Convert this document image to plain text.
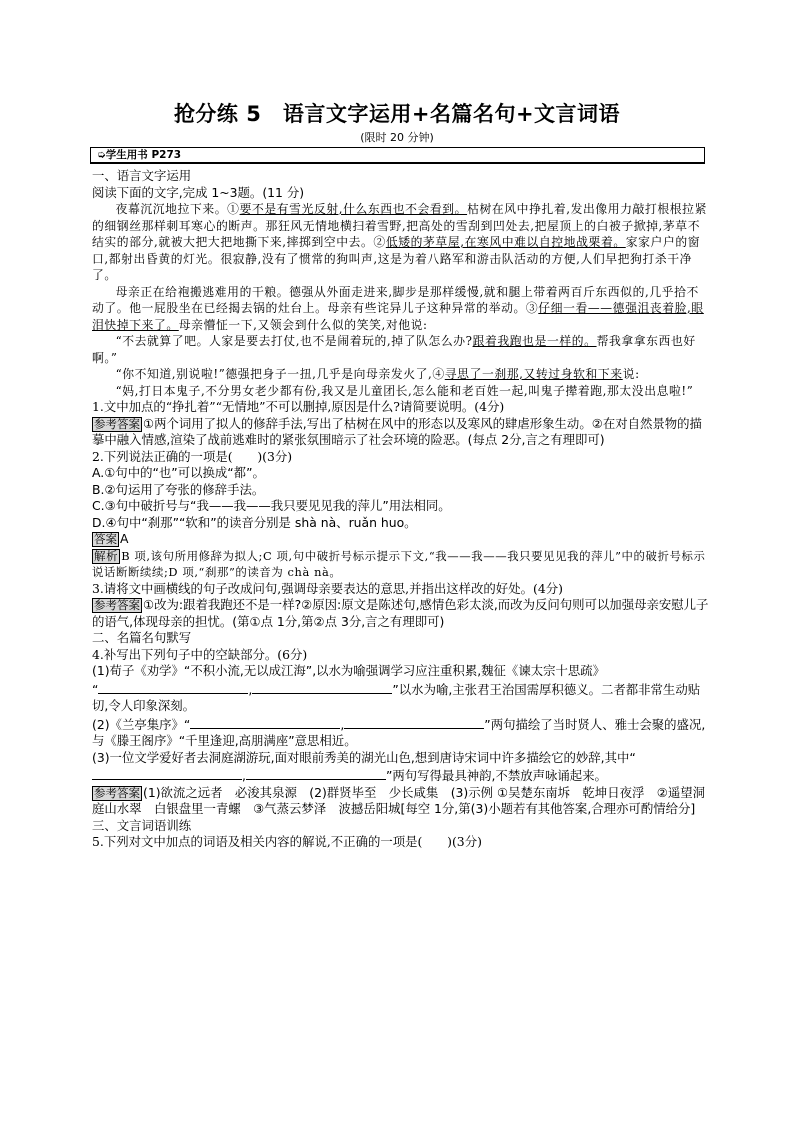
抢分练 5　语言文字运用+名篇名句+文言词语
(限时 20 分钟)
➭学生用书 P273

一、语言文字运用

阅读下面的文字,完成 1~3题。(11 分)

夜幕沉沉地拉下来。①要不是有雪光反射,什么东西也不会看到。枯树在风中挣扎着,发出像用力敲打根根拉紧的细钢丝那样刺耳寒心的断声。那狂风无情地横扫着雪野,把高处的雪刮到凹处去,把屋顶上的白被子掀掉,茅草不结实的部分,就被大把大把地撕下来,摔掷到空中去。②低矮的茅草屋,在寒风中难以自控地战栗着。家家户户的窗口,都射出昏黄的灯光。很寂静,没有了惯常的狗叫声,这是为着八路军和游击队活动的方便,人们早把狗打杀干净了。

母亲正在给袍搬逃难用的干粮。德强从外面走进来,脚步是那样缓慢,就和腿上带着两百斤东西似的,几乎拾不动了。他一屁股坐在已经揭去锅的灶台上。母亲有些诧异儿子这种异常的举动。③仔细一看——德强沮丧着脸,眼泪快掉下来了。母亲懵怔一下,又领会到什么似的笑笑,对他说:

“不去就算了吧。人家是要去打仗,也不是闹着玩的,掉了队怎么办?跟着我跑也是一样的。帮我拿拿东西也好啊。”

“你不知道,别说啦!”德强把身子一扭,几乎是向母亲发火了,④寻思了一刹那,又转过身软和下来说:

“妈,打日本鬼子,不分男女老少都有份,我又是儿童团长,怎么能和老百姓一起,叫鬼子撵着跑,那太没出息啦!”

1.文中加点的“挣扎着”“无情地”不可以删掉,原因是什么?请简要说明。(4分)

参考答案 ①两个词用了拟人的修辞手法,写出了枯树在风中的形态以及寒风的肆虐形象生动。②在对自然景物的描摹中融入情感,渲染了战前逃难时的紧张氛围暗示了社会环境的险恶。(每点 2分,言之有理即可)

2.下列说法正确的一项是(　　)(3分)

A.①句中的“也”可以换成“都”。

B.②句运用了夸张的修辞手法。

C.③句中破折号与“我——我——我只要见见我的萍儿”用法相同。

D.④句中“刹那”“软和”的读音分别是 shà nà、ruǎn huo。

答案 A

解析 B 项,该句所用修辞为拟人;C 项,句中破折号标示提示下文,“我——我——我只要见见我的萍儿”中的破折号标示说话断断续续;D 项,“刹那”的读音为 chà nà。

3.请将文中画横线的句子改成问句,强调母亲要表达的意思,并指出这样改的好处。(4分)

参考答案 ①改为:跟着我跑还不是一样?②原因:原文是陈述句,感情色彩太淡,而改为反问句则可以加强母亲安慰儿子的语气,体现母亲的担忧。(第①点 1分,第②点 3分,言之有理即可)

二、名篇名句默写

4.补写出下列句子中的空缺部分。(6分)

(1)荀子《劝学》“不积小流,无以成江海”,以水为喻强调学习应注重积累,魏征《谏太宗十思疏》
“	,	”以水为喻,主张君王治国需厚积德义。二者都非常生动贴切,令人印象深刻。

(2)《兰亭集序》“	,	”两句描绘了当时贤人、雅士会聚的盛况,与《滕王阁序》“千里逢迎,高朋满座”意思相近。

(3)一位文学爱好者去洞庭湖游玩,面对眼前秀美的湖光山色,想到唐诗宋词中许多描绘它的妙辞,其中“,	”两句写得最具神韵,不禁放声咏诵起来。

参考答案 (1)欲流之远者　必浚其泉源　(2)群贤毕至　少长咸集　(3)示例 ①吴楚东南坼　乾坤日夜浮　②遥望洞庭山水翠　白银盘里一青螺　③气蒸云梦泽　波撼岳阳城[每空 1分,第(3)小题若有其他答案,合理亦可酌情给分]

三、文言词语训练

5.下列对文中加点的词语及相关内容的解说,不正确的一项是(　　)(3分)
